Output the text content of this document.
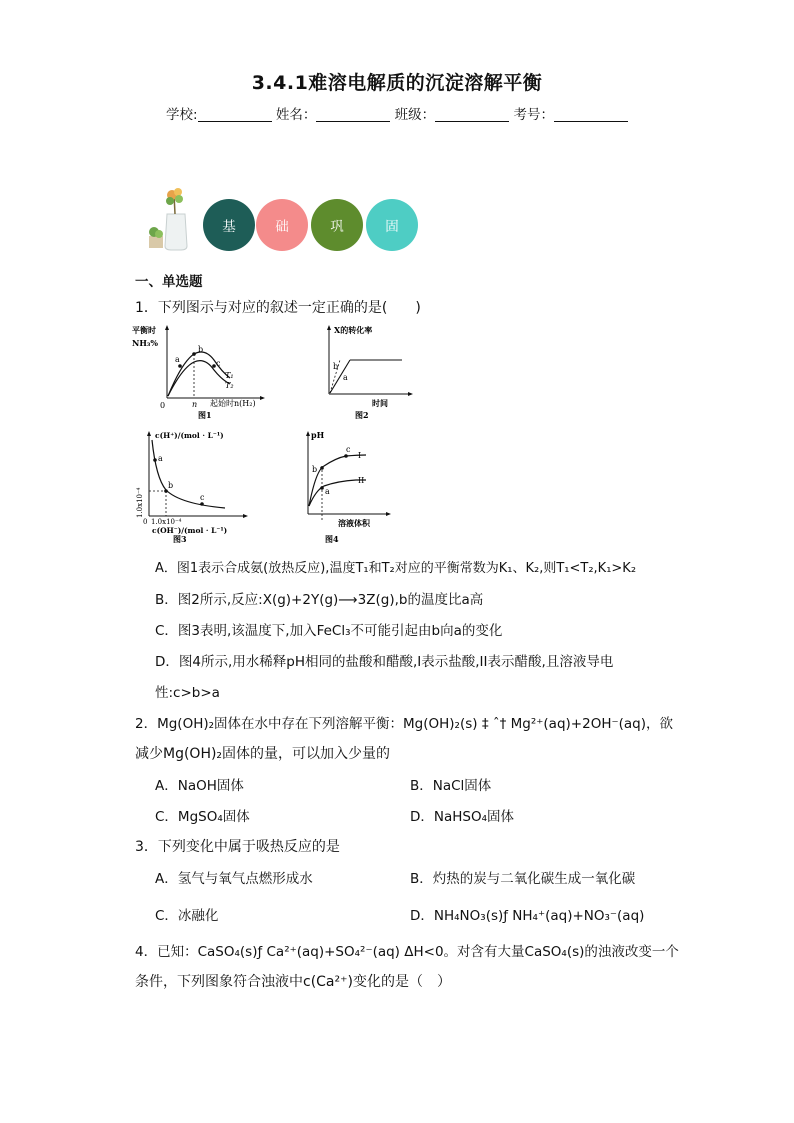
3.4.1难溶电解质的沉淀溶解平衡
学校:	姓名：	班级：	考号：
基	础	巩	固
一、单选题
1．下列图示与对应的叙述一定正确的是(　　)
平衡时
NH₃%
a
b
c
T₁
T₂
0	n 起始时n(H₂)
图1
X的转化率
b
a
时间
图2
c(H⁺)/(mol · L⁻¹)
a
b
c
1.0x10⁻⁴
0 1.0x10⁻⁴
c(OH⁻)/(mol · L⁻¹)
图3
pH
b
a
c
I
II
溶液体积
图4
A．图1表示合成氨(放热反应),温度T₁和T₂对应的平衡常数为K₁、K₂,则T₁<T₂,K₁>K₂
B．图2所示,反应:X(g)+2Y(g)⟶3Z(g),b的温度比a高
C．图3表明,该温度下,加入FeCl₃不可能引起由b向a的变化
D．图4所示,用水稀释pH相同的盐酸和醋酸,I表示盐酸,II表示醋酸,且溶液导电
性:c>b>a
2．Mg(OH)₂固体在水中存在下列溶解平衡：Mg(OH)₂(s) ‡ ˆ† Mg²⁺(aq)+2OH⁻(aq)，欲
减少Mg(OH)₂固体的量，可以加入少量的
A．NaOH固体	B．NaCl固体
C．MgSO₄固体	D．NaHSO₄固体
3．下列变化中属于吸热反应的是
A．氢气与氧气点燃形成水	B．灼热的炭与二氧化碳生成一氧化碳
C．冰融化	D．NH₄NO₃(s)ƒ NH₄⁺(aq)+NO₃⁻(aq)
4．已知：CaSO₄(s)ƒ Ca²⁺(aq)+SO₄²⁻(aq) ΔH<0。对含有大量CaSO₄(s)的浊液改变一个
条件，下列图象符合浊液中c(Ca²⁺)变化的是（　）
